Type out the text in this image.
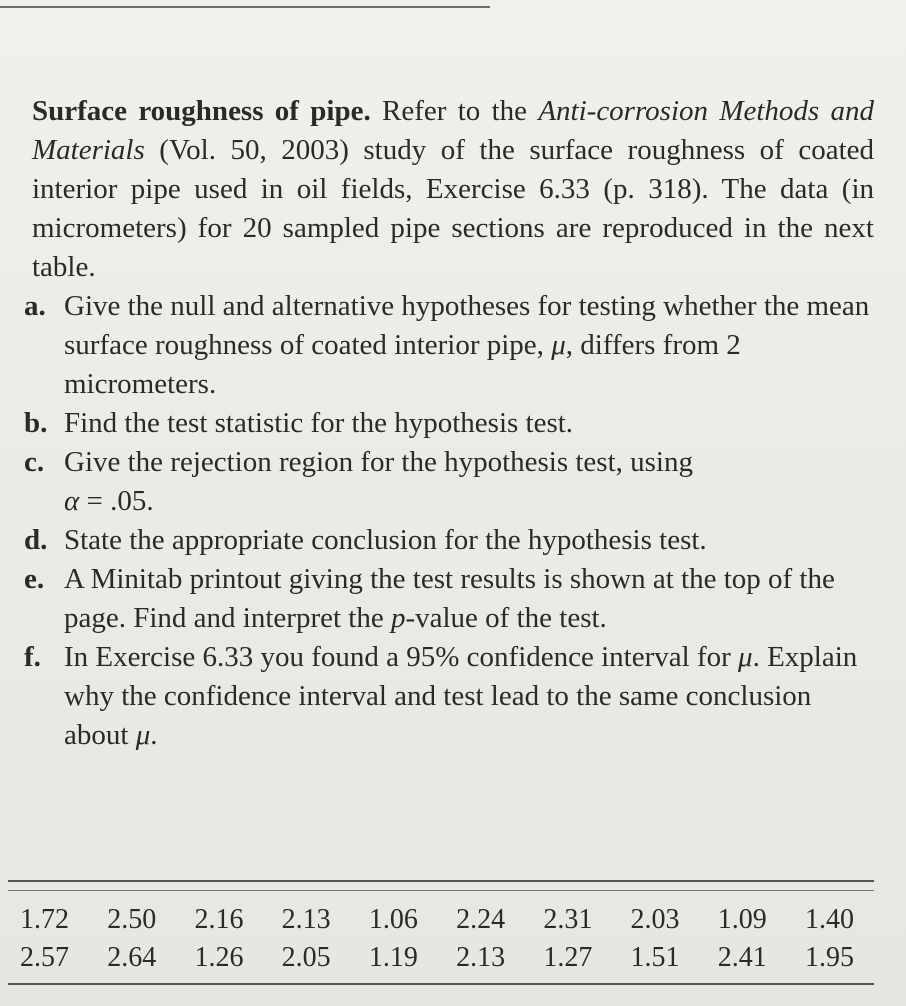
Surface roughness of pipe. Refer to the Anti-corrosion Methods and Materials (Vol. 50, 2003) study of the surface roughness of coated interior pipe used in oil fields, Exercise 6.33 (p. 318). The data (in micrometers) for 20 sampled pipe sections are reproduced in the next table.
a. Give the null and alternative hypotheses for testing whether the mean surface roughness of coated interior pipe, μ, differs from 2 micrometers.
b. Find the test statistic for the hypothesis test.
c. Give the rejection region for the hypothesis test, using
α = .05.
d. State the appropriate conclusion for the hypothesis test.
e. A Minitab printout giving the test results is shown at the top of the page. Find and interpret the p-value of the test.
f. In Exercise 6.33 you found a 95% confidence interval for μ. Explain why the confidence interval and test lead to the same conclusion about μ.
1.72 2.50 2.16 2.13 1.06 2.24 2.31 2.03 1.09 1.40
2.57 2.64 1.26 2.05 1.19 2.13 1.27 1.51 2.41 1.95
